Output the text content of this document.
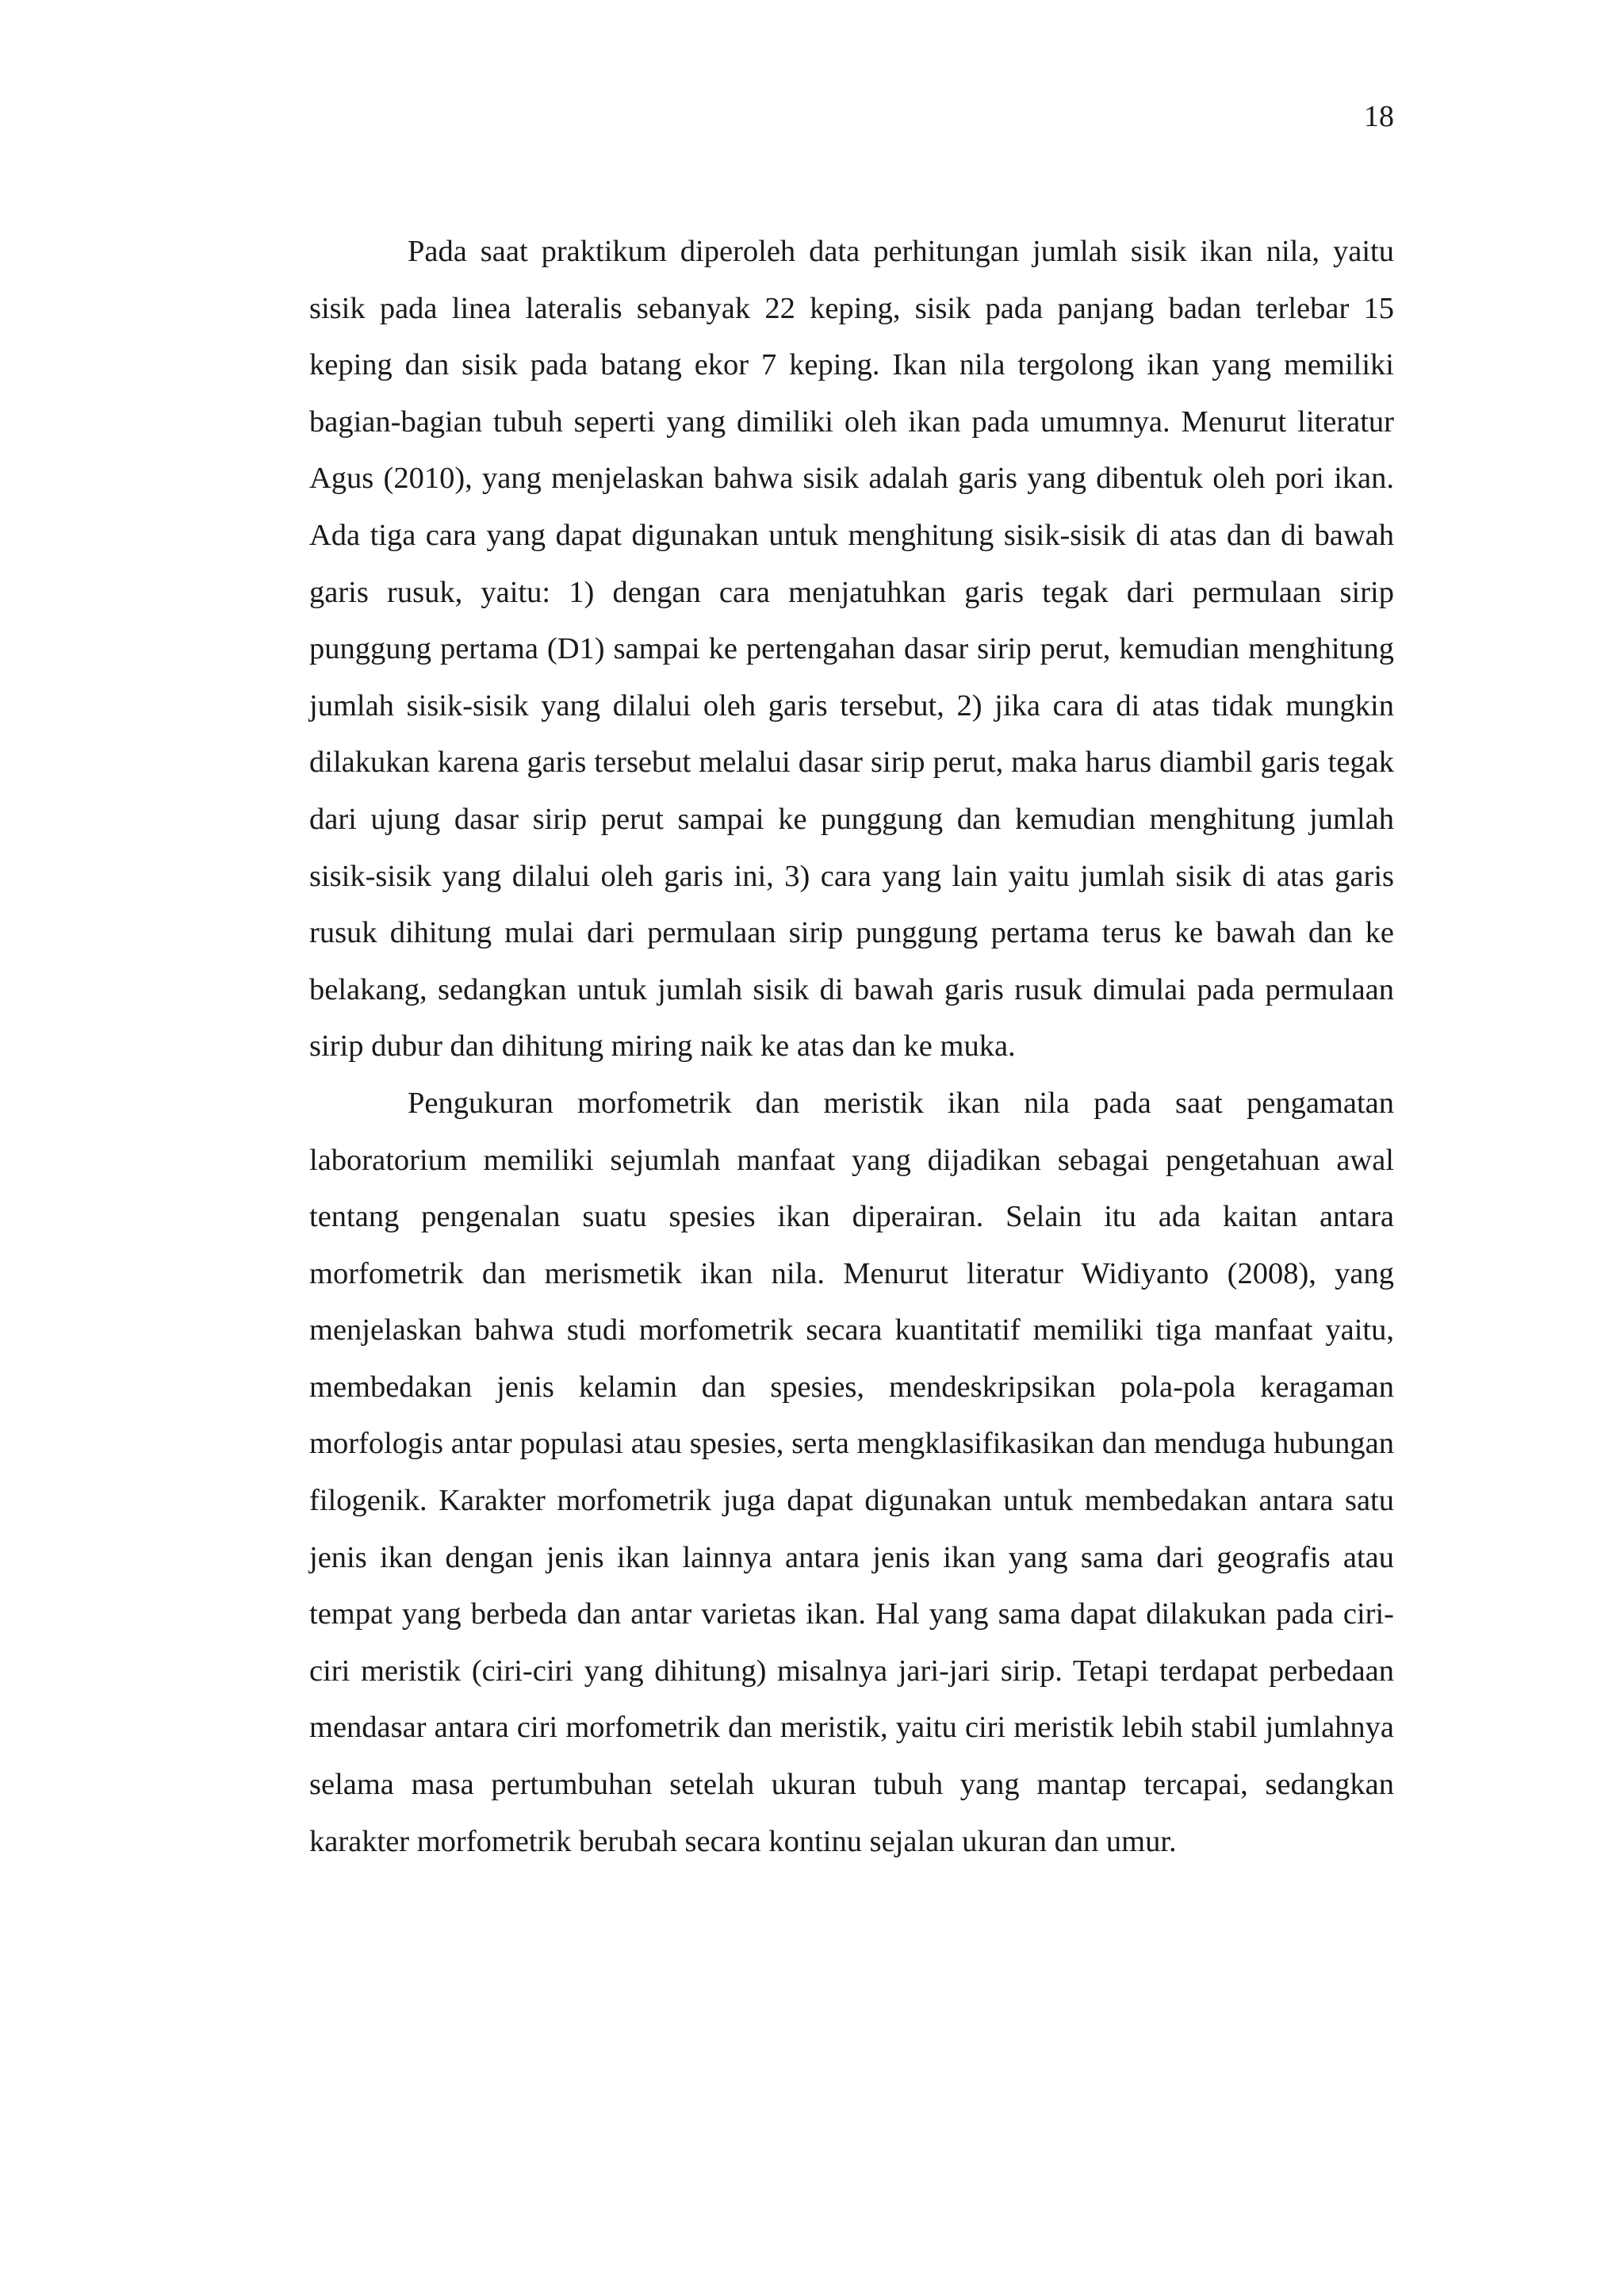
18

Pada saat praktikum diperoleh data perhitungan jumlah sisik ikan nila, yaitu sisik pada linea lateralis sebanyak 22 keping, sisik pada panjang badan terlebar 15 keping dan sisik pada batang ekor 7 keping. Ikan nila tergolong ikan yang memiliki bagian-bagian tubuh seperti yang dimiliki oleh ikan pada umumnya. Menurut literatur Agus (2010), yang menjelaskan bahwa sisik adalah garis yang dibentuk oleh pori ikan. Ada tiga cara yang dapat digunakan untuk menghitung sisik-sisik di atas dan di bawah garis rusuk, yaitu: 1) dengan cara menjatuhkan garis tegak dari permulaan sirip punggung pertama (D1) sampai ke pertengahan dasar sirip perut, kemudian menghitung jumlah sisik-sisik yang dilalui oleh garis tersebut, 2) jika cara di atas tidak mungkin dilakukan karena garis tersebut melalui dasar sirip perut, maka harus diambil garis tegak dari ujung dasar sirip perut sampai ke punggung dan kemudian menghitung jumlah sisik-sisik yang dilalui oleh garis ini, 3) cara yang lain yaitu jumlah sisik di atas garis rusuk dihitung mulai dari permulaan sirip punggung pertama terus ke bawah dan ke belakang, sedangkan untuk jumlah sisik di bawah garis rusuk dimulai pada permulaan sirip dubur dan dihitung miring naik ke atas dan ke muka.

Pengukuran morfometrik dan meristik ikan nila pada saat pengamatan laboratorium memiliki sejumlah manfaat yang dijadikan sebagai pengetahuan awal tentang pengenalan suatu spesies ikan diperairan. Selain itu ada kaitan antara morfometrik dan merismetik ikan nila. Menurut literatur Widiyanto (2008), yang menjelaskan bahwa studi morfometrik secara kuantitatif memiliki tiga manfaat yaitu, membedakan jenis kelamin dan spesies, mendeskripsikan pola-pola keragaman morfologis antar populasi atau spesies, serta mengklasifikasikan dan menduga hubungan filogenik. Karakter morfometrik juga dapat digunakan untuk membedakan antara satu jenis ikan dengan jenis ikan lainnya antara jenis ikan yang sama dari geografis atau tempat yang berbeda dan antar varietas ikan. Hal yang sama dapat dilakukan pada ciri-ciri meristik (ciri-ciri yang dihitung) misalnya jari-jari sirip. Tetapi terdapat perbedaan mendasar antara ciri morfometrik dan meristik, yaitu ciri meristik lebih stabil jumlahnya selama masa pertumbuhan setelah ukuran tubuh yang mantap tercapai, sedangkan karakter morfometrik berubah secara kontinu sejalan ukuran dan umur.
